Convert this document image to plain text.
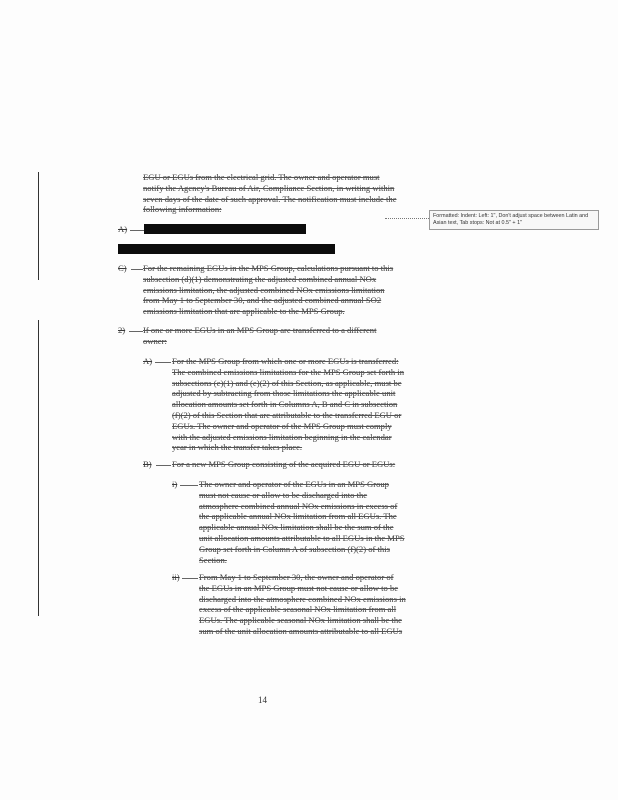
EGU or EGUs from the electrical grid. The owner and operator must
notify the Agency's Bureau of Air, Compliance Section, in writing within
seven days of the date of such approval. The notification must include the
following information:
A)
Formatted: Indent: Left: 1", Don't adjust space between Latin and Asian text, Tab stops: Not at 0.5" + 1"
C) For the remaining EGUs in the MPS Group, calculations pursuant to this
subsection (d)(1) demonstrating the adjusted combined annual NOx
emissions limitation, the adjusted combined NOx emissions limitation
from May 1 to September 30, and the adjusted combined annual SO2
emissions limitation that are applicable to the MPS Group.
2) If one or more EGUs in an MPS Group are transferred to a different
owner:
A) For the MPS Group from which one or more EGUs is transferred:
The combined emissions limitations for the MPS Group set forth in
subsections (e)(1) and (e)(2) of this Section, as applicable, must be
adjusted by subtracting from those limitations the applicable unit
allocation amounts set forth in Columns A, B and C in subsection
(f)(2) of this Section that are attributable to the transferred EGU or
EGUs. The owner and operator of the MPS Group must comply
with the adjusted emissions limitation beginning in the calendar
year in which the transfer takes place.
B) For a new MPS Group consisting of the acquired EGU or EGUs:
i)	The owner and operator of the EGUs in an MPS Group
must not cause or allow to be discharged into the
atmosphere combined annual NOx emissions in excess of
the applicable annual NOx limitation from all EGUs. The
applicable annual NOx limitation shall be the sum of the
unit allocation amounts attributable to all EGUs in the MPS
Group set forth in Column A of subsection (f)(2) of this
Section.
ii) From May 1 to September 30, the owner and operator of
the EGUs in an MPS Group must not cause or allow to be
discharged into the atmosphere combined NOx emissions in
excess of the applicable seasonal NOx limitation from all
EGUs. The applicable seasonal NOx limitation shall be the
sum of the unit allocation amounts attributable to all EGUs
14
